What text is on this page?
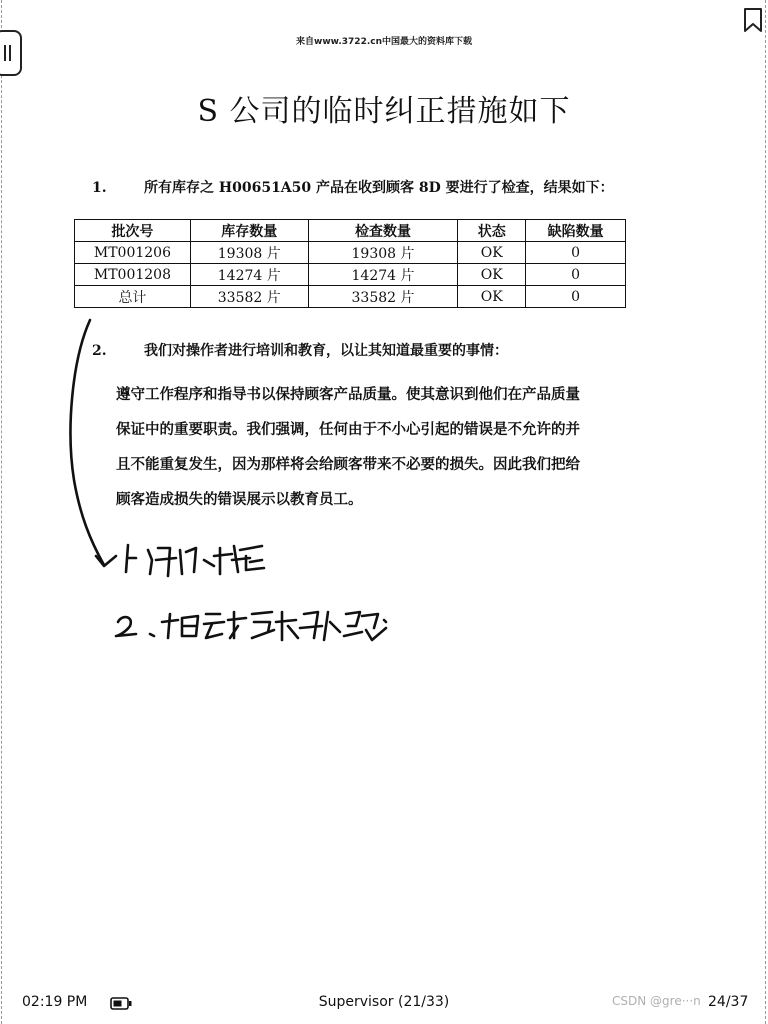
来自www.3722.cn中国最大的资料库下载
S 公司的临时纠正措施如下
1.	所有库存之 H00651A50 产品在收到顾客 8D 要进行了检查，结果如下：
批次号	库存数量	检查数量	状态	缺陷数量
MT001206	19308 片	19308 片	OK	0
MT001208	14274 片	14274 片	OK	0
总计	33582 片	33582 片	OK	0
2.	我们对操作者进行培训和教育，以让其知道最重要的事情：
遵守工作程序和指导书以保持顾客产品质量。使其意识到他们在产品质量
保证中的重要职责。我们强调，任何由于不小心引起的错误是不允许的并
且不能重复发生，因为那样将会给顾客带来不必要的损失。因此我们把给
顾客造成损失的错误展示以教育员工。
02:19 PM	Supervisor (21/33)	CSDN @gre···n 24/37
